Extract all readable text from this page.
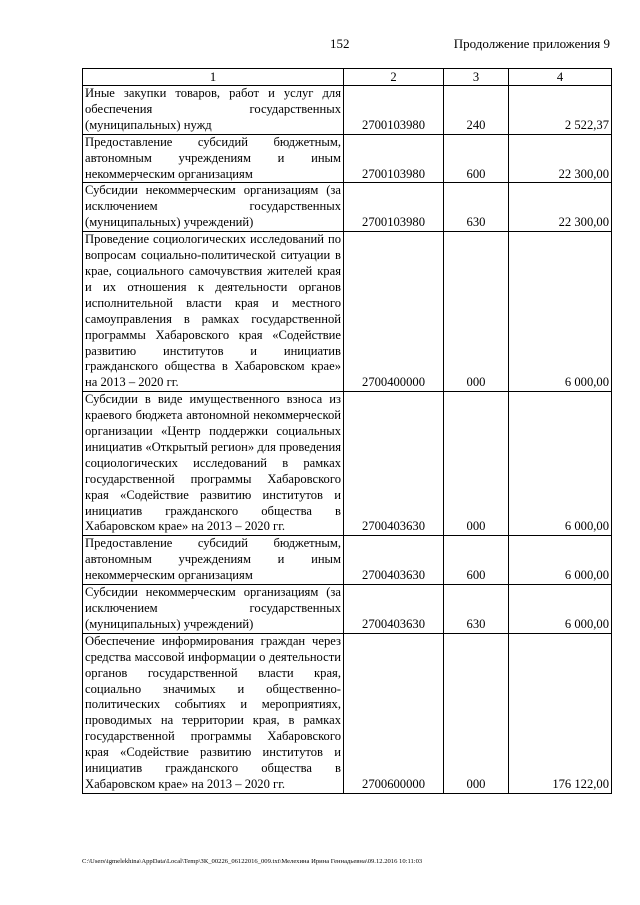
152	Продолжение приложения 9
1	2	3	4
Иные закупки товаров, работ и услуг для обеспечения государственных (муниципальных) нужд	2700103980	240	2 522,37
Предоставление субсидий бюджетным, автономным учреждениям и иным некоммерческим организациям	2700103980	600	22 300,00
Субсидии некоммерческим организациям (за исключением государственных (муниципальных) учреждений)	2700103980	630	22 300,00
Проведение социологических исследований по вопросам социально-политической ситуации в крае, социального самочувствия жителей края и их отношения к деятельности органов исполнительной власти края и местного самоуправления в рамках государственной программы Хабаровского края «Содействие развитию институтов и инициатив гражданского общества в Хабаровском крае» на 2013 – 2020 гг.	2700400000	000	6 000,00
Субсидии в виде имущественного взноса из краевого бюджета автономной некоммерческой организации «Центр поддержки социальных инициатив «Открытый регион» для проведения социологических исследований в рамках государственной программы Хабаровского края «Содействие развитию институтов и инициатив гражданского общества в Хабаровском крае» на 2013 – 2020 гг.	2700403630	000	6 000,00
Предоставление субсидий бюджетным, автономным учреждениям и иным некоммерческим организациям	2700403630	600	6 000,00
Субсидии некоммерческим организациям (за исключением государственных (муниципальных) учреждений)	2700403630	630	6 000,00
Обеспечение информирования граждан через средства массовой информации о деятельности органов государственной власти края, социально значимых и общественно-политических событиях и мероприятиях, проводимых на территории края, в рамках государственной программы Хабаровского края «Содействие развитию институтов и инициатив гражданского общества в Хабаровском крае» на 2013 – 2020 гг.	2700600000	000	176 122,00
C:\Users\igmelekhina\AppData\Local\Temp\ЗК_00226_06122016_009.txt\Мелехина Ирина Геннадьевна\09.12.2016 10:11:03
